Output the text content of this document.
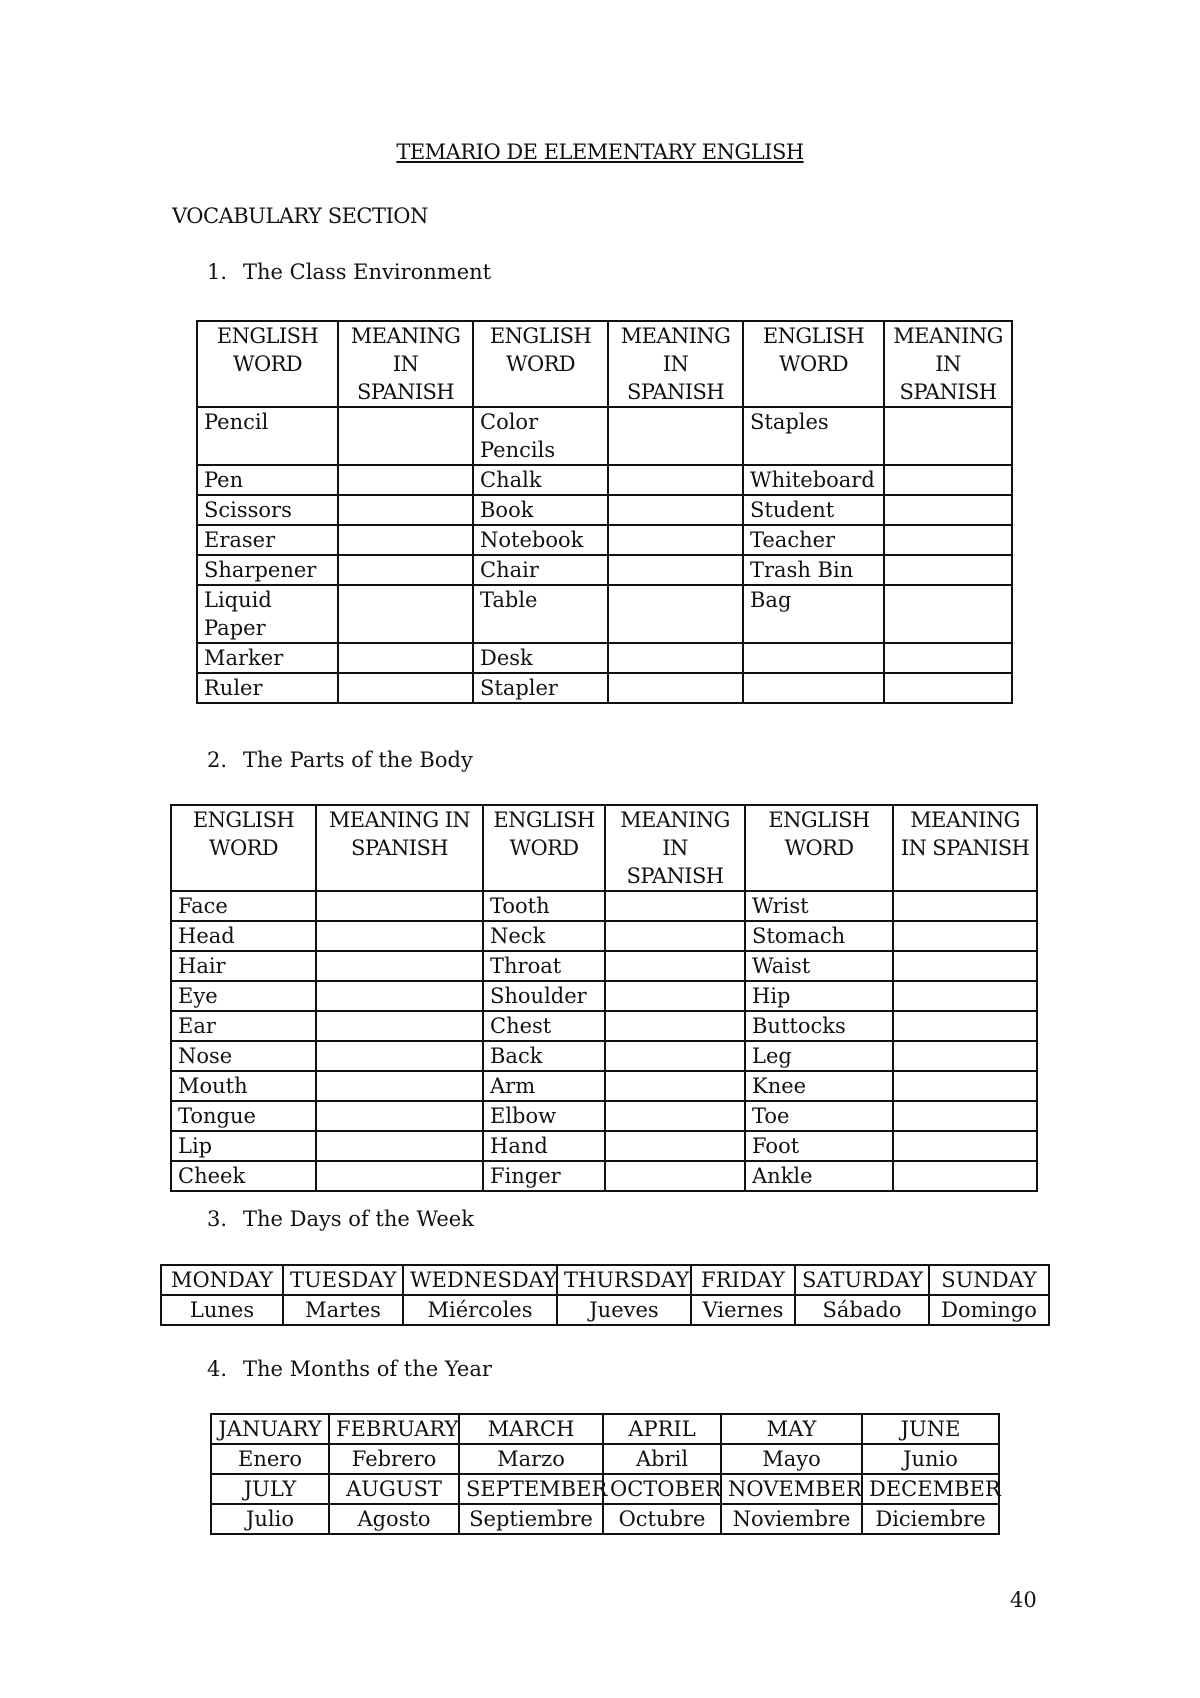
TEMARIO DE ELEMENTARY ENGLISH
VOCABULARY SECTION
1. The Class Environment
ENGLISH WORD	MEANING IN SPANISH	ENGLISH WORD	MEANING IN SPANISH	ENGLISH WORD	MEANING IN SPANISH
Pencil		Color Pencils		Staples	
Pen		Chalk		Whiteboard	
Scissors		Book		Student	
Eraser		Notebook		Teacher	
Sharpener		Chair		Trash Bin	
Liquid Paper		Table		Bag	
Marker		Desk			
Ruler		Stapler			
2. The Parts of the Body
ENGLISH WORD	MEANING IN SPANISH	ENGLISH WORD	MEANING IN SPANISH	ENGLISH WORD	MEANING IN SPANISH
Face		Tooth		Wrist	
Head		Neck		Stomach	
Hair		Throat		Waist	
Eye		Shoulder		Hip	
Ear		Chest		Buttocks	
Nose		Back		Leg	
Mouth		Arm		Knee	
Tongue		Elbow		Toe	
Lip		Hand		Foot	
Cheek		Finger		Ankle	
3. The Days of the Week
MONDAY	TUESDAY	WEDNESDAY	THURSDAY	FRIDAY	SATURDAY	SUNDAY
Lunes	Martes	Miércoles	Jueves	Viernes	Sábado	Domingo
4. The Months of the Year
JANUARY	FEBRUARY	MARCH	APRIL	MAY	JUNE
Enero	Febrero	Marzo	Abril	Mayo	Junio
JULY	AUGUST	SEPTEMBER	OCTOBER	NOVEMBER	DECEMBER
Julio	Agosto	Septiembre	Octubre	Noviembre	Diciembre
40
